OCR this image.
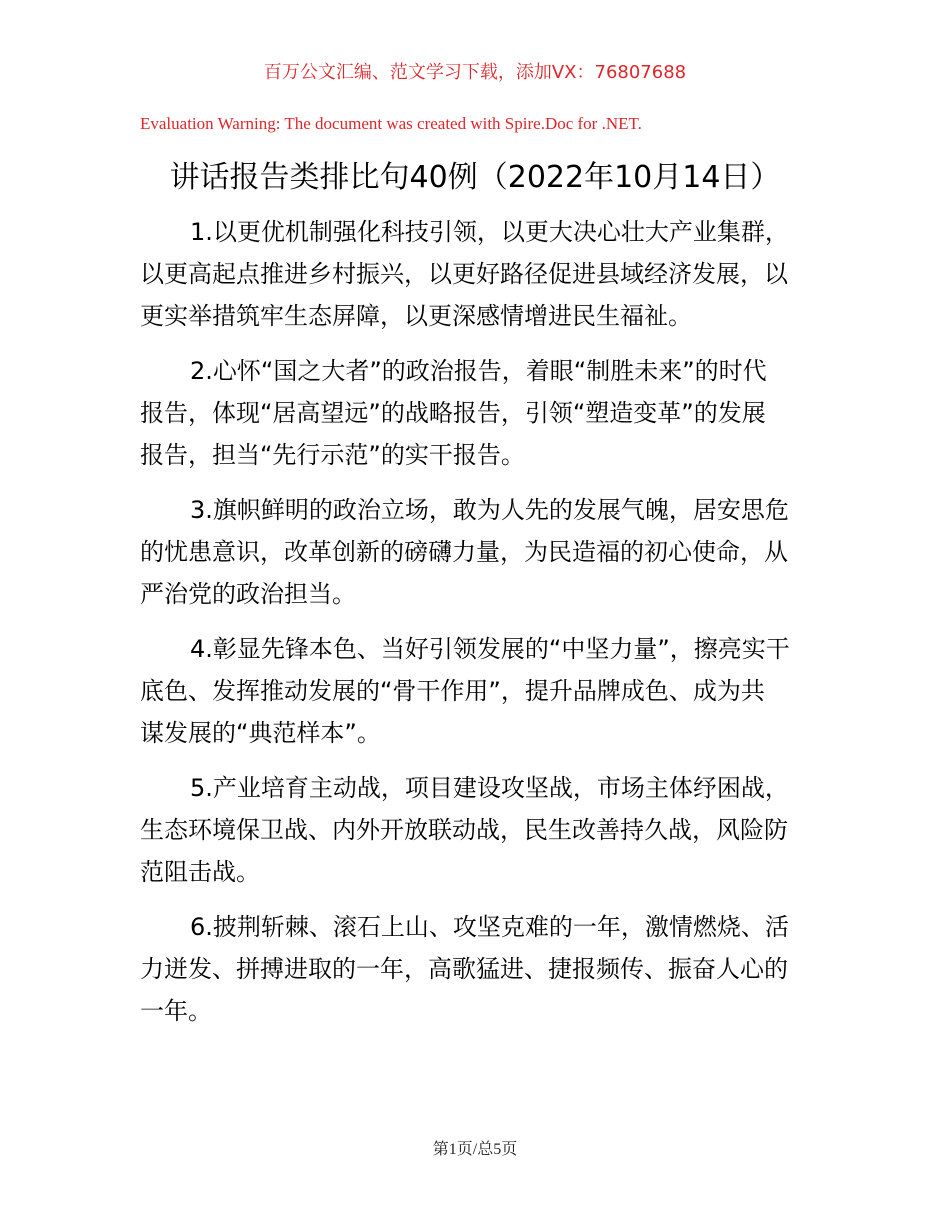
百万公文汇编、范文学习下载，添加VX：76807688
Evaluation Warning: The document was created with Spire.Doc for .NET.
讲话报告类排比句40例（2022年10月14日）
1.以更优机制强化科技引领，以更大决心壮大产业集群，
以更高起点推进乡村振兴，以更好路径促进县域经济发展，以
更实举措筑牢生态屏障，以更深感情增进民生福祉。
2.心怀“国之大者”的政治报告，着眼“制胜未来”的时代
报告，体现“居高望远”的战略报告，引领“塑造变革”的发展
报告，担当“先行示范”的实干报告。
3.旗帜鲜明的政治立场，敢为人先的发展气魄，居安思危
的忧患意识，改革创新的磅礴力量，为民造福的初心使命，从
严治党的政治担当。
4.彰显先锋本色、当好引领发展的“中坚力量”，擦亮实干
底色、发挥推动发展的“骨干作用”，提升品牌成色、成为共
谋发展的“典范样本”。
5.产业培育主动战，项目建设攻坚战，市场主体纾困战，
生态环境保卫战、内外开放联动战，民生改善持久战，风险防
范阻击战。
6.披荆斩棘、滚石上山、攻坚克难的一年，激情燃烧、活
力迸发、拼搏进取的一年，高歌猛进、捷报频传、振奋人心的
一年。
第1页/总5页
